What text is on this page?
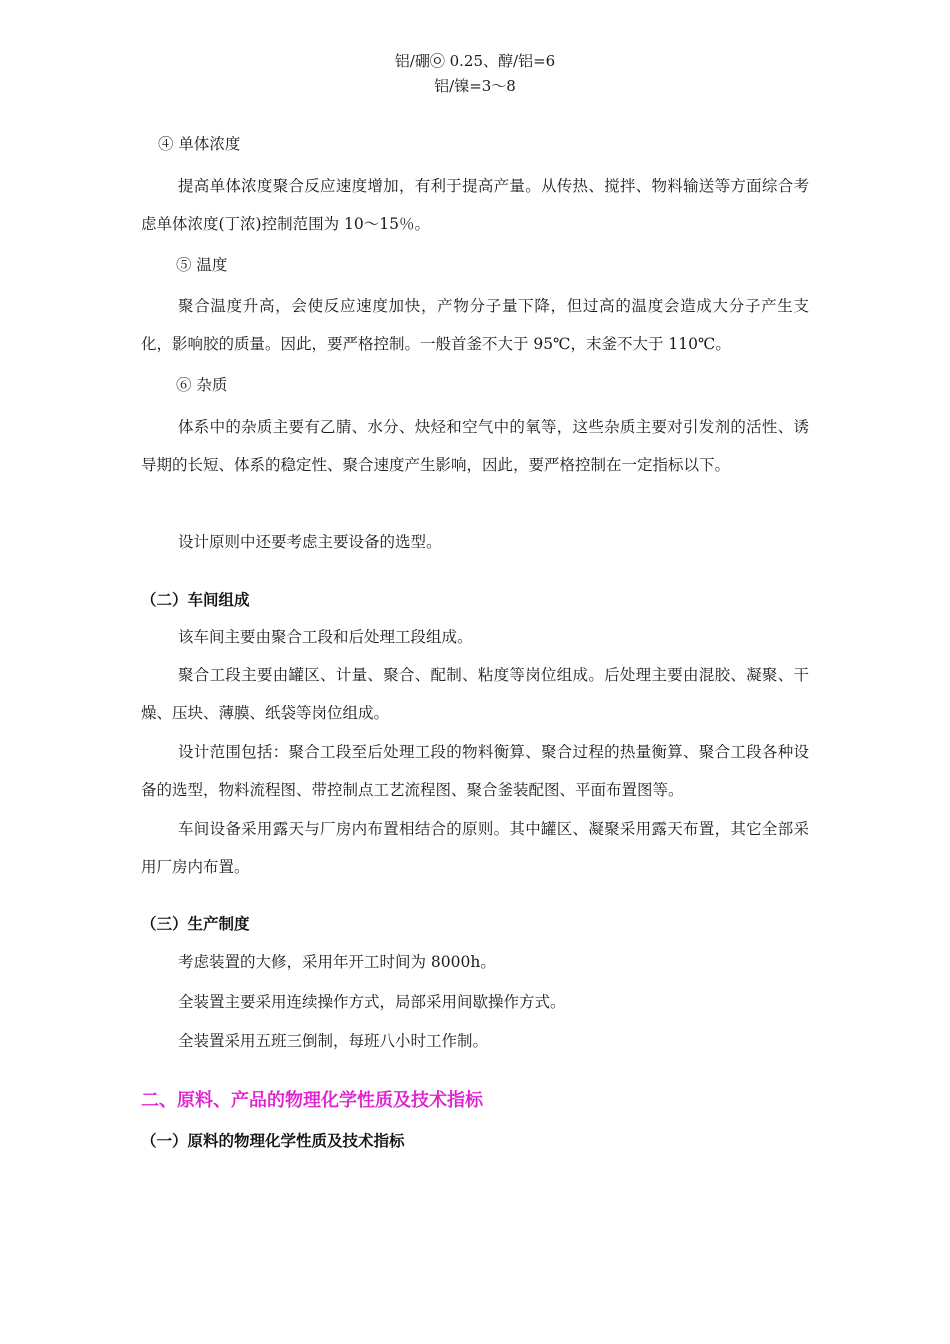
铝/硼㉧ 0.25、醇/铝=6
铝/镍=3～8
④ 单体浓度
提高单体浓度聚合反应速度增加，有利于提高产量。从传热、搅拌、物料输送等方面综合考虑单体浓度(丁浓)控制范围为 10～15％。
⑤ 温度
聚合温度升高，会使反应速度加快，产物分子量下降，但过高的温度会造成大分子产生支化，影响胶的质量。因此，要严格控制。一般首釜不大于 95℃，末釜不大于 110℃。
⑥ 杂质
体系中的杂质主要有乙腈、水分、炔烃和空气中的氧等，这些杂质主要对引发剂的活性、诱导期的长短、体系的稳定性、聚合速度产生影响，因此，要严格控制在一定指标以下。
设计原则中还要考虑主要设备的选型。
（二）车间组成
该车间主要由聚合工段和后处理工段组成。
聚合工段主要由罐区、计量、聚合、配制、粘度等岗位组成。后处理主要由混胶、凝聚、干燥、压块、薄膜、纸袋等岗位组成。
设计范围包括：聚合工段至后处理工段的物料衡算、聚合过程的热量衡算、聚合工段各种设备的选型，物料流程图、带控制点工艺流程图、聚合釜装配图、平面布置图等。
车间设备采用露天与厂房内布置相结合的原则。其中罐区、凝聚采用露天布置，其它全部采用厂房内布置。
（三）生产制度
考虑装置的大修，采用年开工时间为 8000h。
全装置主要采用连续操作方式，局部采用间歇操作方式。
全装置采用五班三倒制，每班八小时工作制。
二、原料、产品的物理化学性质及技术指标
（一）原料的物理化学性质及技术指标
